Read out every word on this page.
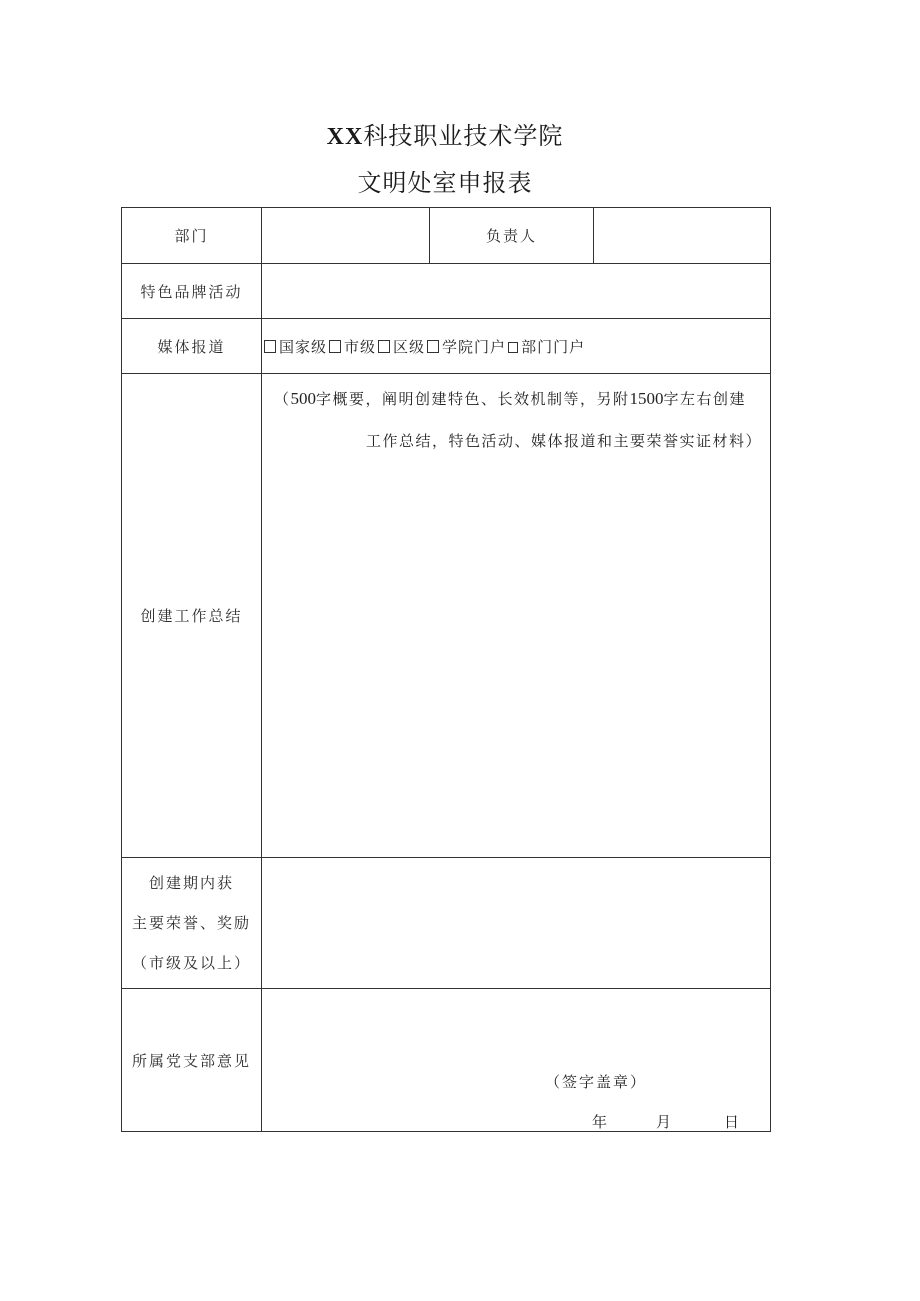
XX科技职业技术学院
文明处室申报表
部门		负责人	
特色品牌活动			
媒体报道	国家级 市级 区级 学院门户 部门门户		

创建工作总结	（500字概要，阐明创建特色、长效机制等，另附1500字左右创建
工作总结，特色活动、媒体报道和主要荣誉实证材料）		

创建期内获
主要荣誉、奖励
（市级及以上）			

所属党支部意见	（签字盖章）
年 月 日		
